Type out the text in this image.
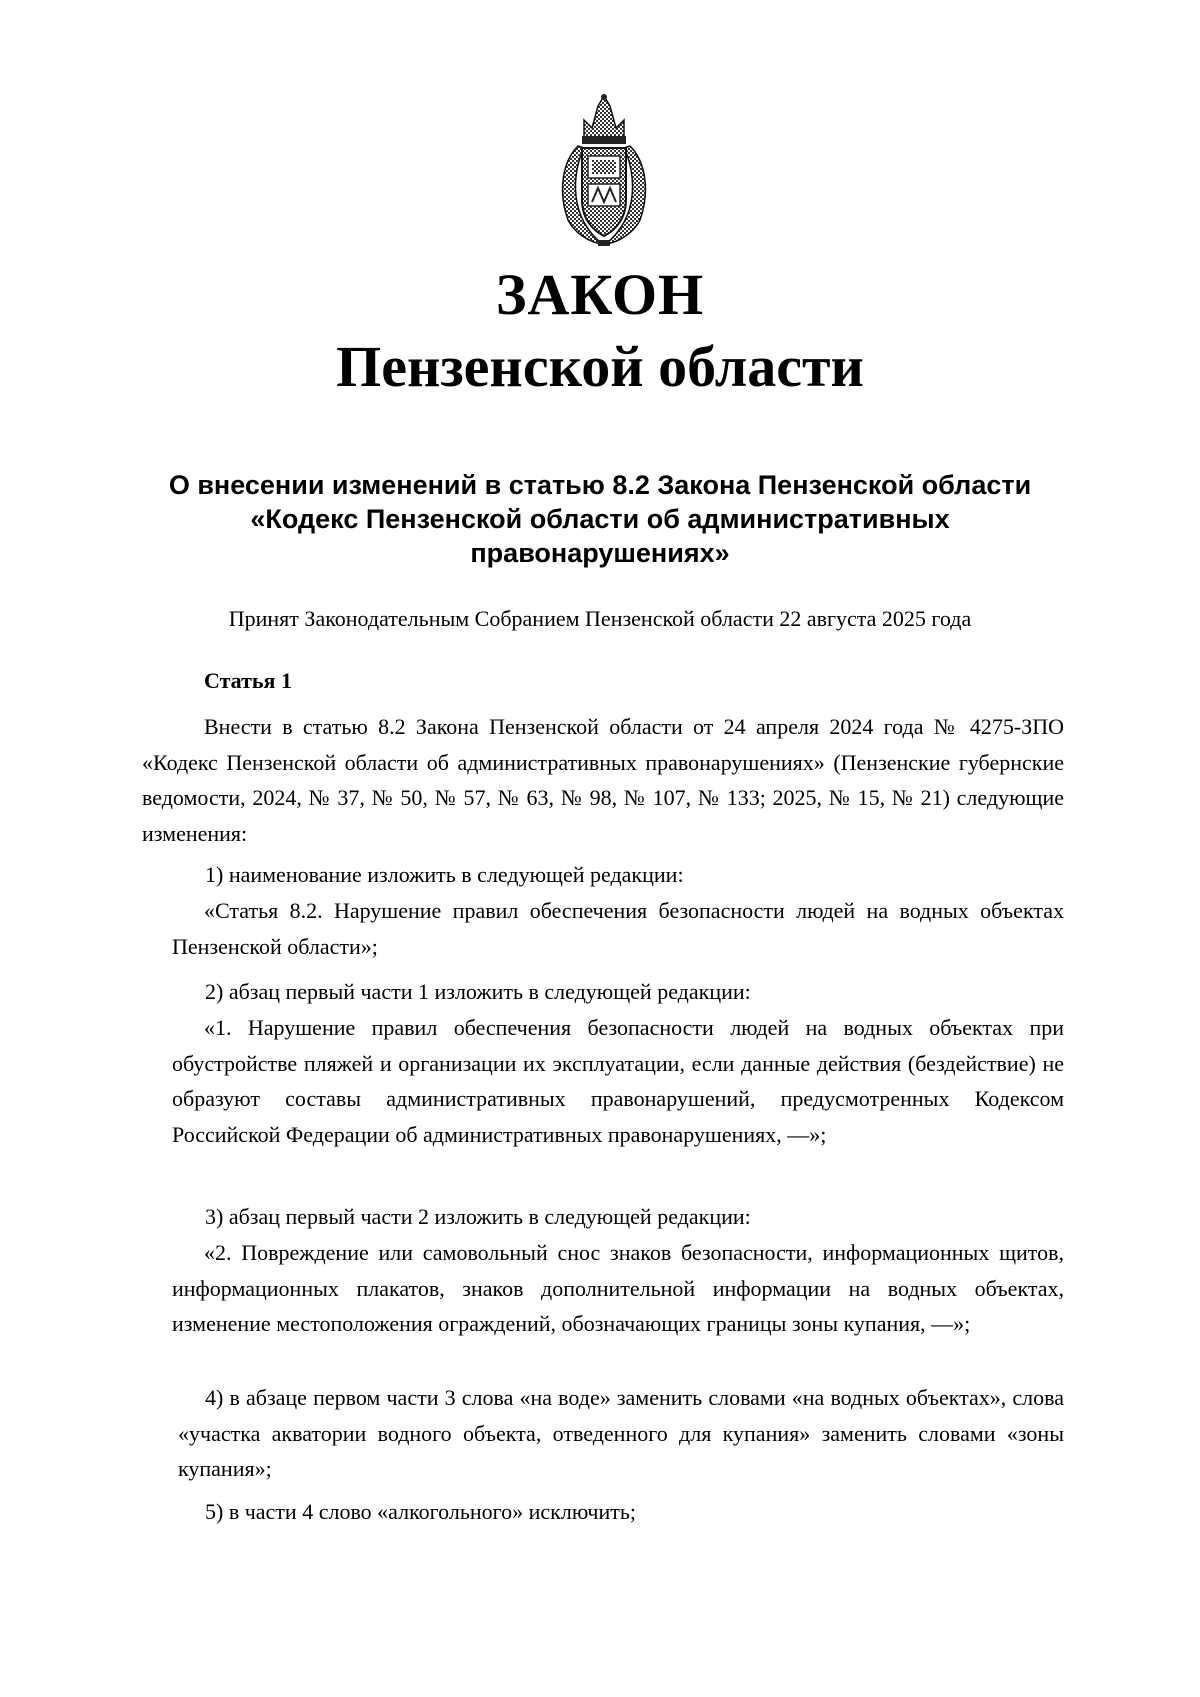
ЗАКОН
Пензенской области
О внесении изменений в статью 8.2 Закона Пензенской области
«Кодекс Пензенской области об административных
правонарушениях»
Принят Законодательным Собранием Пензенской области 22 августа 2025 года
Статья 1
Внести в статью 8.2 Закона Пензенской области от 24 апреля 2024 года № 4275-ЗПО «Кодекс Пензенской области об административных правонарушениях» (Пензенские губернские ведомости, 2024, № 37, № 50, № 57, № 63, № 98, № 107, № 133; 2025, № 15, № 21) следующие изменения:
1) наименование изложить в следующей редакции:
«Статья 8.2. Нарушение правил обеспечения безопасности людей на водных объектах Пензенской области»;
2) абзац первый части 1 изложить в следующей редакции:
«1. Нарушение правил обеспечения безопасности людей на водных объектах при обустройстве пляжей и организации их эксплуатации, если данные действия (бездействие) не образуют составы административных правонарушений, предусмотренных Кодексом Российской Федерации об административных правонарушениях, —»;
3) абзац первый части 2 изложить в следующей редакции:
«2. Повреждение или самовольный снос знаков безопасности, информационных щитов, информационных плакатов, знаков дополнительной информации на водных объектах, изменение местоположения ограждений, обозначающих границы зоны купания, —»;
4) в абзаце первом части 3 слова «на воде» заменить словами «на водных объектах», слова «участка акватории водного объекта, отведенного для купания» заменить словами «зоны купания»;
5) в части 4 слово «алкогольного» исключить;
